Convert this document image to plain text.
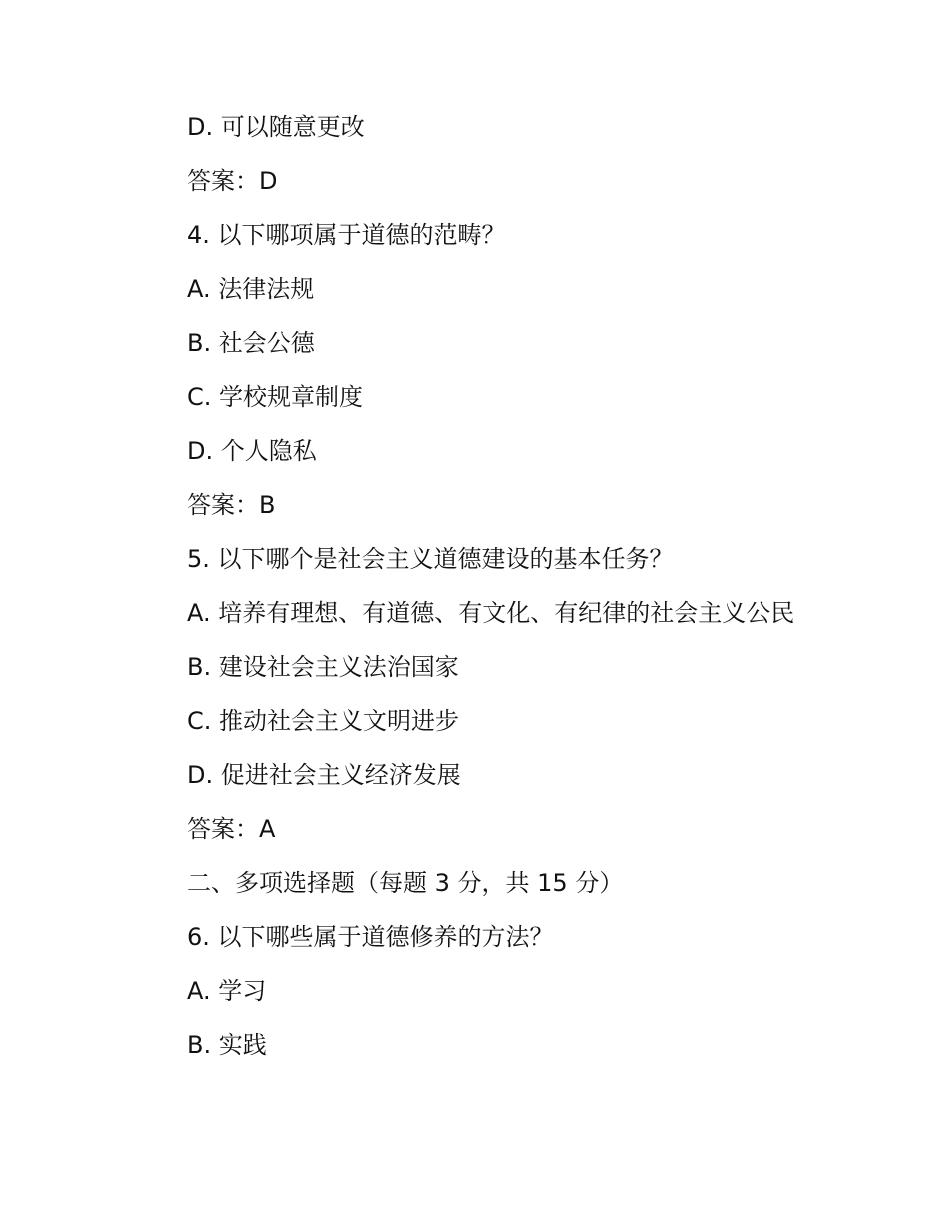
D. 可以随意更改

答案：D

4. 以下哪项属于道德的范畴？

A. 法律法规

B. 社会公德

C. 学校规章制度

D. 个人隐私

答案：B

5. 以下哪个是社会主义道德建设的基本任务？

A. 培养有理想、有道德、有文化、有纪律的社会主义公民

B. 建设社会主义法治国家

C. 推动社会主义文明进步

D. 促进社会主义经济发展

答案：A

二、多项选择题（每题 3 分，共 15 分）

6. 以下哪些属于道德修养的方法？

A. 学习

B. 实践
